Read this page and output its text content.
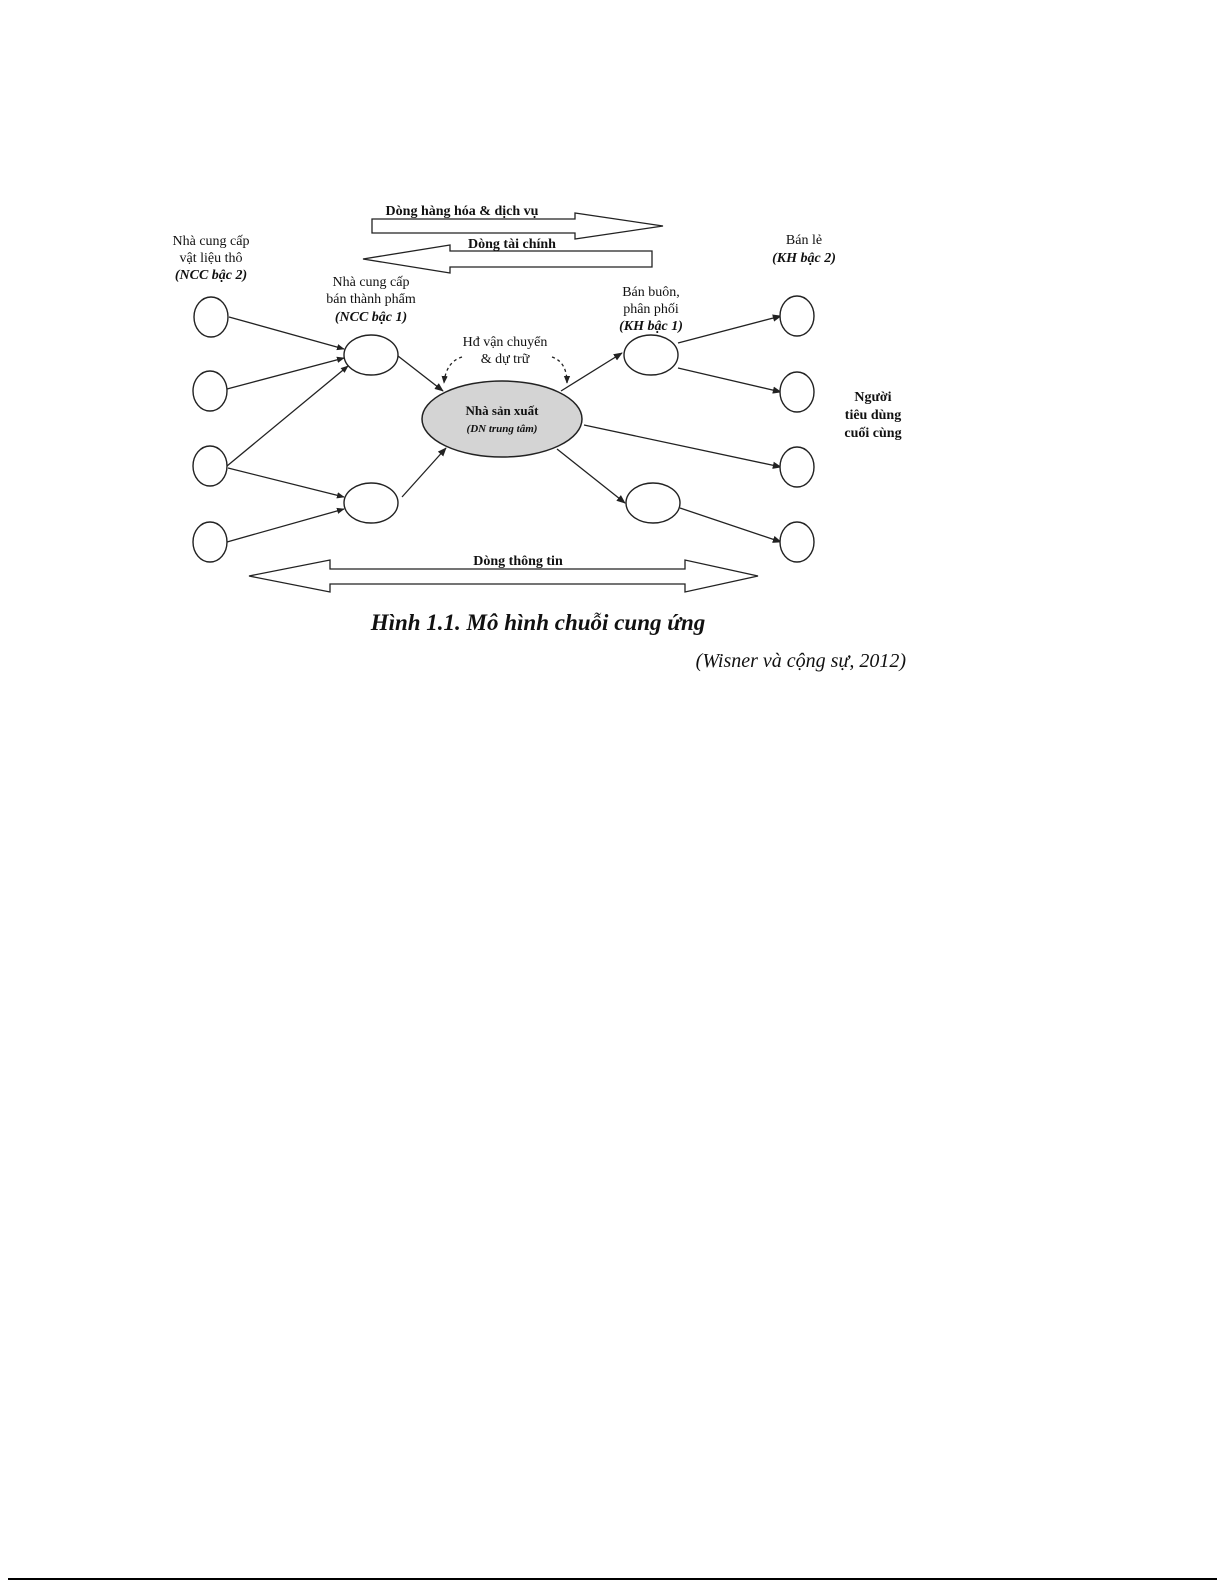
Dòng hàng hóa & dịch vụ
Dòng tài chính
Dòng thông tin
Nhà sản xuất
(DN trung tâm)
Nhà cung cấp
vật liệu thô
(NCC bậc 2)	Nhà cung cấp
bán thành phẩm
(NCC bậc 1)
Hđ vận chuyển
& dự trữ
Bán buôn,
phân phối
(KH bậc 1)
Bán lẻ
(KH bậc 2)
Người
tiêu dùng
cuối cùng
Hình 1.1. Mô hình chuỗi cung ứng
(Wisner và cộng sự, 2012)
